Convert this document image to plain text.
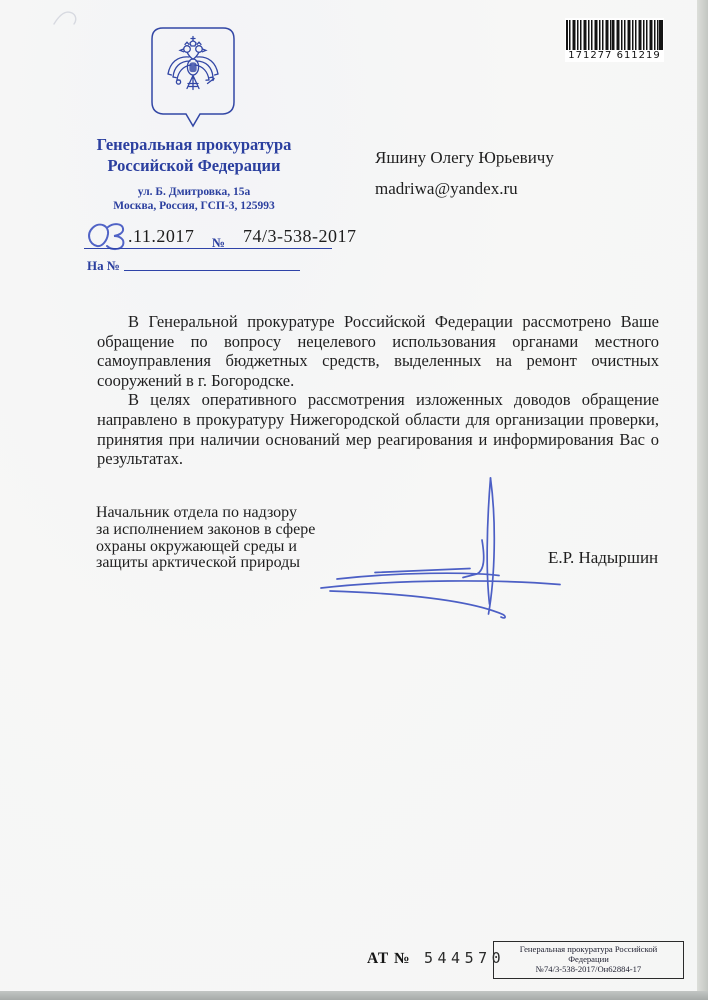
171277 611219
Генеральная прокуратура
Российской Федерации
ул. Б. Дмитровка, 15а
Москва, Россия, ГСП-3, 125993
Яшину Олегу Юрьевичу
madriwa@yandex.ru
.11.2017 № 74/3-538-2017
На №
В Генеральной прокуратуре Российской Федерации рассмотрено Ваше
обращение по вопросу нецелевого использования органами местного
самоуправления бюджетных средств, выделенных на ремонт очистных
сооружений в г. Богородске.
В целях оперативного рассмотрения изложенных доводов обращение
направлено в прокуратуру Нижегородской области для организации проверки,
принятия при наличии оснований мер реагирования и информирования Вас о
результатах.
Начальник отдела по надзору
за исполнением законов в сфере
охраны окружающей среды и
защиты арктической природы	Е.Р. Надыршин
АТ № 544570	Генеральная прокуратура Российской
Федерации
№74/3-538-2017/Он62884-17
